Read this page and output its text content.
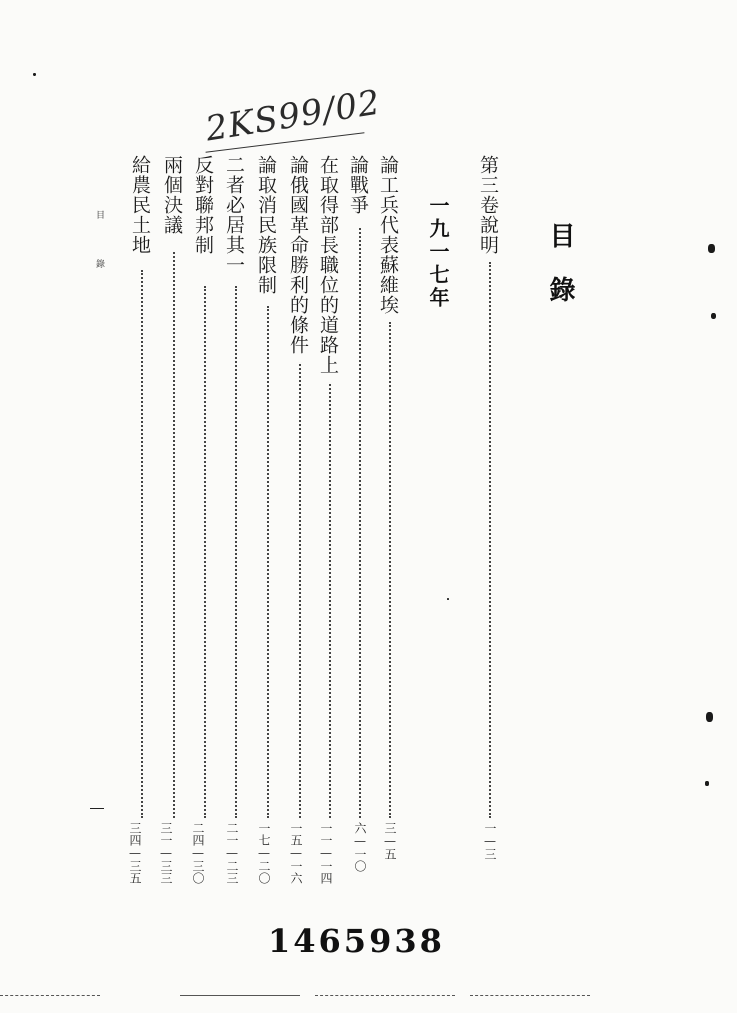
2KS99/02
目錄
第三卷說明
一—三
一九一七年
論工兵代表蘇維埃
三—五
論戰爭
六—一〇
在取得部長職位的道路上
一一—一四
論俄國革命勝利的條件
一五—一六
論取消民族限制
一七—二〇
二者必居其一
二一—二三
反對聯邦制
二四—三〇
兩個決議
三一—三三
給農民土地
三四—三五
目錄
1465938
